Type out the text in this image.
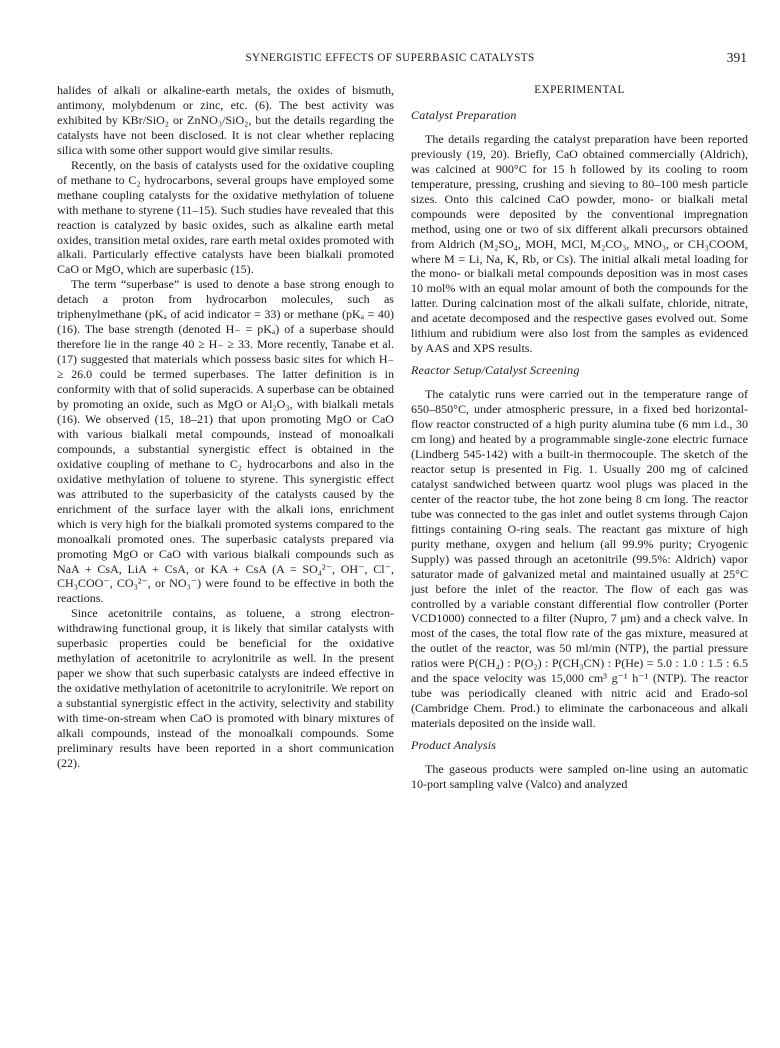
SYNERGISTIC EFFECTS OF SUPERBASIC CATALYSTS	391

halides of alkali or alkaline-earth metals, the oxides of bismuth, antimony, molybdenum or zinc, etc. (6). The best activity was exhibited by KBr/SiO₂ or ZnNO₃/SiO₂, but the details regarding the catalysts have not been disclosed. It is not clear whether replacing silica with some other support would give similar results.

Recently, on the basis of catalysts used for the oxidative coupling of methane to C₂ hydrocarbons, several groups have employed some methane coupling catalysts for the oxidative methylation of toluene with methane to styrene (11–15). Such studies have revealed that this reaction is catalyzed by basic oxides, such as alkaline earth metal oxides, transition metal oxides, rare earth metal oxides promoted with alkali. Particularly effective catalysts have been bialkali promoted CaO or MgO, which are superbasic (15).

The term “superbase” is used to denote a base strong enough to detach a proton from hydrocarbon molecules, such as triphenylmethane (pKₐ of acid indicator = 33) or methane (pKₐ = 40) (16). The base strength (denoted H₋ = pKₐ) of a superbase should therefore lie in the range 40 ≥ H₋ ≥ 33. More recently, Tanabe et al. (17) suggested that materials which possess basic sites for which H₋ ≥ 26.0 could be termed superbases. The latter definition is in conformity with that of solid superacids. A superbase can be obtained by promoting an oxide, such as MgO or Al₂O₃, with bialkali metals (16). We observed (15, 18–21) that upon promoting MgO or CaO with various bialkali metal compounds, instead of monoalkali compounds, a substantial synergistic effect is obtained in the oxidative coupling of methane to C₂ hydrocarbons and also in the oxidative methylation of toluene to styrene. This synergistic effect was attributed to the superbasicity of the catalysts caused by the enrichment of the surface layer with the alkali ions, enrichment which is very high for the bialkali promoted systems compared to the monoalkali promoted ones. The superbasic catalysts prepared via promoting MgO or CaO with various bialkali compounds such as NaA + CsA, LiA + CsA, or KA + CsA (A = SO₄²⁻, OH⁻, Cl⁻, CH₃COO⁻, CO₃²⁻, or NO₃⁻) were found to be effective in both the reactions.

Since acetonitrile contains, as toluene, a strong electron-withdrawing functional group, it is likely that similar catalysts with superbasic properties could be beneficial for the oxidative methylation of acetonitrile to acrylonitrile as well. In the present paper we show that such superbasic catalysts are indeed effective in the oxidative methylation of acetonitrile to acrylonitrile. We report on a substantial synergistic effect in the activity, selectivity and stability with time-on-stream when CaO is promoted with binary mixtures of alkali compounds, instead of the monoalkali compounds. Some preliminary results have been reported in a short communication (22).

EXPERIMENTAL
Catalyst Preparation

The details regarding the catalyst preparation have been reported previously (19, 20). Briefly, CaO obtained commercially (Aldrich), was calcined at 900°C for 15 h followed by its cooling to room temperature, pressing, crushing and sieving to 80–100 mesh particle sizes. Onto this calcined CaO powder, mono- or bialkali metal compounds were deposited by the conventional impregnation method, using one or two of six different alkali precursors obtained from Aldrich (M₂SO₄, MOH, MCl, M₂CO₃, MNO₃, or CH₃COOM, where M = Li, Na, K, Rb, or Cs). The initial alkali metal loading for the mono- or bialkali metal compounds deposition was in most cases 10 mol% with an equal molar amount of both the compounds for the latter. During calcination most of the alkali sulfate, chloride, nitrate, and acetate decomposed and the respective gases evolved out. Some lithium and rubidium were also lost from the samples as evidenced by AAS and XPS results.

Reactor Setup/Catalyst Screening

The catalytic runs were carried out in the temperature range of 650–850°C, under atmospheric pressure, in a fixed bed horizontal-flow reactor constructed of a high purity alumina tube (6 mm i.d., 30 cm long) and heated by a programmable single-zone electric furnace (Lindberg 545-142) with a built-in thermocouple. The sketch of the reactor setup is presented in Fig. 1. Usually 200 mg of calcined catalyst sandwiched between quartz wool plugs was placed in the center of the reactor tube, the hot zone being 8 cm long. The reactor tube was connected to the gas inlet and outlet systems through Cajon fittings containing O-ring seals. The reactant gas mixture of high purity methane, oxygen and helium (all 99.9% purity; Cryogenic Supply) was passed through an acetonitrile (99.5%: Aldrich) vapor saturator made of galvanized metal and maintained usually at 25°C just before the inlet of the reactor. The flow of each gas was controlled by a variable constant differential flow controller (Porter VCD1000) connected to a filter (Nupro, 7 μm) and a check valve. In most of the cases, the total flow rate of the gas mixture, measured at the outlet of the reactor, was 50 ml/min (NTP), the partial pressure ratios were P(CH₄) : P(O₂) : P(CH₃CN) : P(He) = 5.0 : 1.0 : 1.5 : 6.5 and the space velocity was 15,000 cm³ g⁻¹ h⁻¹ (NTP). The reactor tube was periodically cleaned with nitric acid and Erado-sol (Cambridge Chem. Prod.) to eliminate the carbonaceous and alkali materials deposited on the inside wall.

Product Analysis

The gaseous products were sampled on-line using an automatic 10-port sampling valve (Valco) and analyzed
